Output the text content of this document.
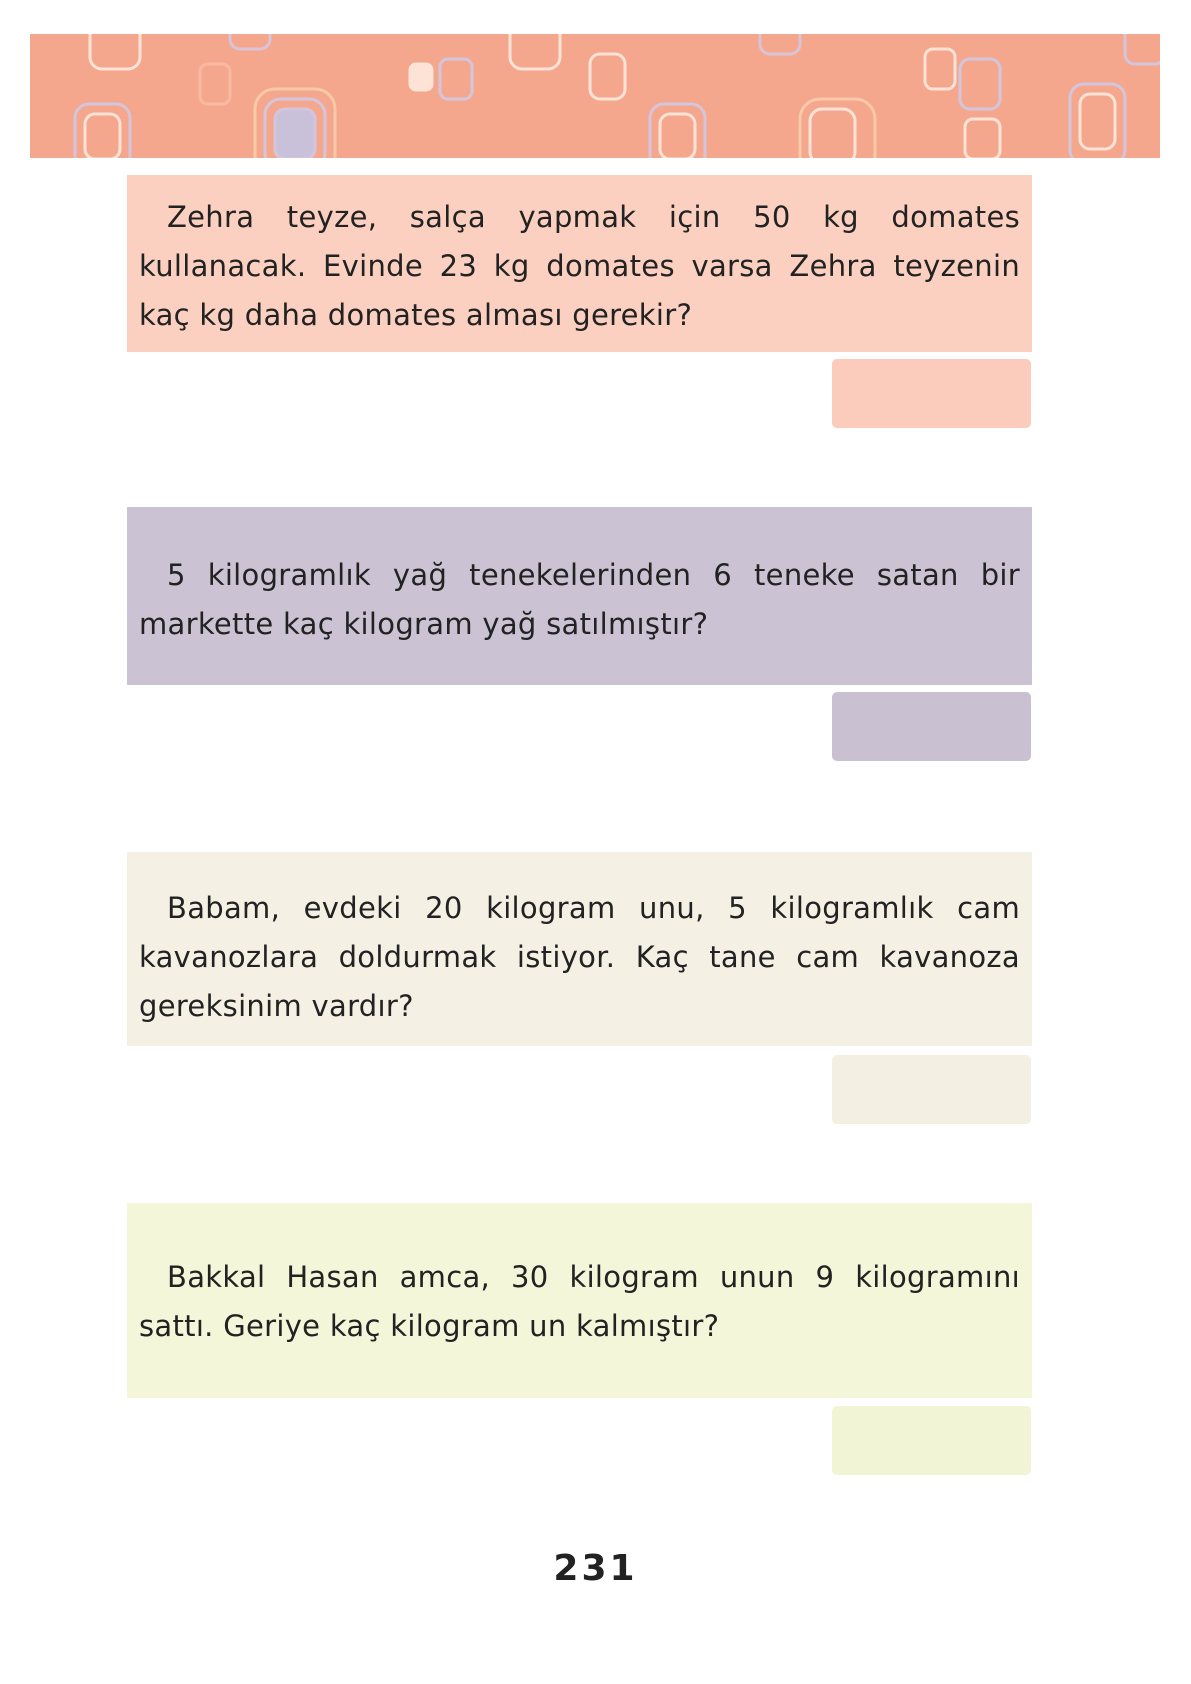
Zehra teyze, salça yapmak için 50 kg domates kullanacak. Evinde 23 kg domates varsa Zehra teyzenin kaç kg daha domates alması gerekir?

5 kilogramlık yağ tenekelerinden 6 teneke satan bir markette kaç kilogram yağ satılmıştır?

Babam, evdeki 20 kilogram unu, 5 kilogramlık cam kavanozlara doldurmak istiyor. Kaç tane cam kavanoza gereksinim vardır?

Bakkal Hasan amca, 30 kilogram unun 9 kilogramını sattı. Geriye kaç kilogram un kalmıştır?

231
